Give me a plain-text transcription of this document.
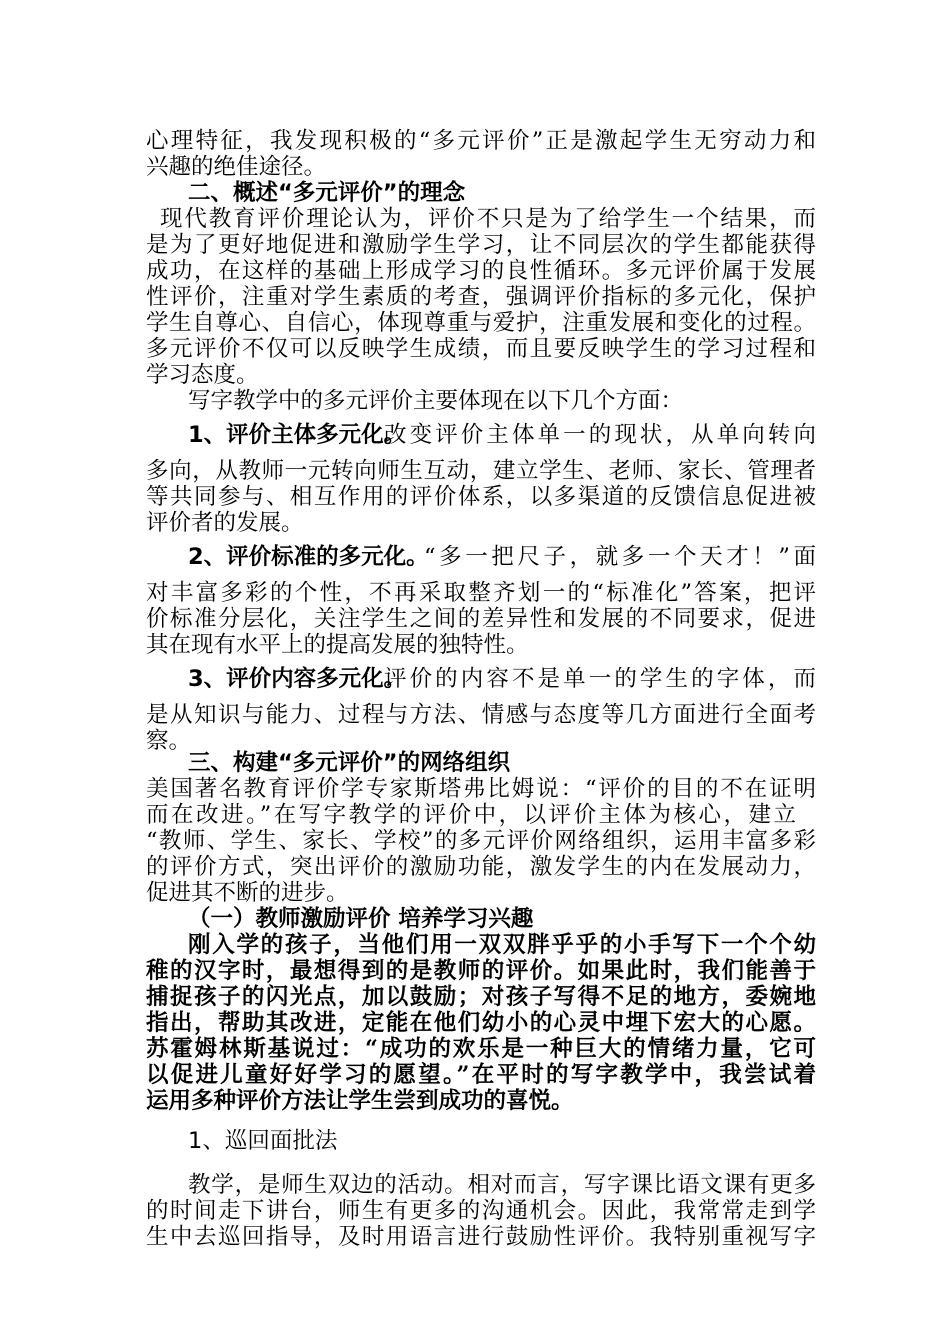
心理特征，我发现积极的“多元评价”正是激起学生无穷动力和
兴趣的绝佳途径。
二、概述“多元评价”的理念
现代教育评价理论认为，评价不只是为了给学生一个结果，而
是为了更好地促进和激励学生学习，让不同层次的学生都能获得
成功，在这样的基础上形成学习的良性循环。多元评价属于发展
性评价，注重对学生素质的考查，强调评价指标的多元化，保护
学生自尊心、自信心，体现尊重与爱护，注重发展和变化的过程。
多元评价不仅可以反映学生成绩，而且要反映学生的学习过程和
学习态度。
写字教学中的多元评价主要体现在以下几个方面：
1、评价主体多元化。
改变评价主体单一的现状，从单向转向
多向，从教师一元转向师生互动，建立学生、老师、家长、管理者
等共同参与、相互作用的评价体系，以多渠道的反馈信息促进被
评价者的发展。
2、评价标准的多元化。
“多一把尺子，就多一个天才！”面
对丰富多彩的个性，不再采取整齐划一的“标准化”答案，把评
价标准分层化，关注学生之间的差异性和发展的不同要求，促进
其在现有水平上的提高发展的独特性。
3、评价内容多元化。
评价的内容不是单一的学生的字体，而
是从知识与能力、过程与方法、情感与态度等几方面进行全面考
察。
三、构建“多元评价”的网络组织
美国著名教育评价学专家斯塔弗比姆说：“评价的目的不在证明
而在改进。”在写字教学的评价中，以评价主体为核心，建立
“教师、学生、家长、学校”的多元评价网络组织，运用丰富多彩
的评价方式，突出评价的激励功能，激发学生的内在发展动力，
促进其不断的进步。
（一）教师激励评价 培养学习兴趣
刚入学的孩子，当他们用一双双胖乎乎的小手写下一个个幼
稚的汉字时，最想得到的是教师的评价。如果此时，我们能善于
捕捉孩子的闪光点，加以鼓励；对孩子写得不足的地方，委婉地
指出，帮助其改进，定能在他们幼小的心灵中埋下宏大的心愿。
苏霍姆林斯基说过：“成功的欢乐是一种巨大的情绪力量，它可
以促进儿童好好学习的愿望。”在平时的写字教学中，我尝试着
运用多种评价方法让学生尝到成功的喜悦。
1、巡回面批法
教学，是师生双边的活动。相对而言，写字课比语文课有更多
的时间走下讲台，师生有更多的沟通机会。因此，我常常走到学
生中去巡回指导，及时用语言进行鼓励性评价。我特别重视写字
